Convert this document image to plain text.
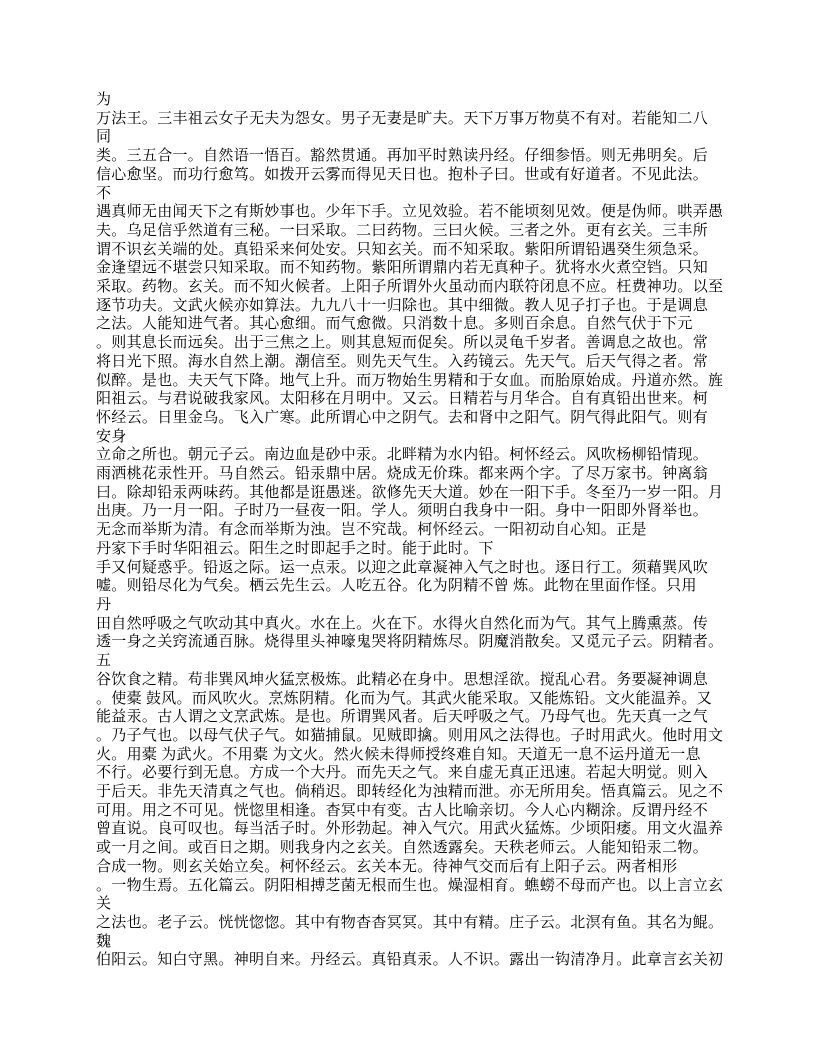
为
万法王。三丰祖云女子无夫为怨女。男子无妻是旷夫。天下万事万物莫不有对。若能知二八
同
类。三五合一。自然语一悟百。豁然贯通。再加平时熟读丹经。仔细参悟。则无弗明矣。后
信心愈坚。而功行愈笃。如拨开云雾而得见天日也。抱朴子曰。世或有好道者。不见此法。
不
遇真师无由闻天下之有斯妙事也。少年下手。立见效验。若不能顷刻见效。便是伪师。哄弄愚
夫。乌足信乎然道有三秘。一曰采取。二曰药物。三曰火候。三者之外。更有玄关。三丰所
谓不识玄关端的处。真铅采来何处安。只知玄关。而不知采取。紫阳所谓铅遇癸生须急采。
金逢望远不堪尝只知采取。而不知药物。紫阳所谓鼎内若无真种子。犹将水火煮空铛。只知
采取。药物。玄关。而不知火候者。上阳子所谓外火虽动而内联符闭息不应。枉费神功。以至
逐节功夫。文武火候亦如算法。九九八十一归除也。其中细微。教人见子打子也。于是调息
之法。人能知进气者。其心愈细。而气愈微。只消数十息。多则百余息。自然气伏于下元
。则其息长而远矣。出于三焦之上。则其息短而促矣。所以灵龟千岁者。善调息之故也。常
将日光下照。海水自然上潮。潮信至。则先天气生。入药镜云。先天气。后天气得之者。常
似醉。是也。夫天气下降。地气上升。而万物始生男精和于女血。而胎原始成。丹道亦然。旌
阳祖云。与君说破我家风。太阳移在月明中。又云。日精若与月华合。自有真铅出世来。柯
怀经云。日里金乌。飞入广寒。此所谓心中之阴气。去和肾中之阳气。阴气得此阳气。则有
安身
立命之所也。朝元子云。南边血是砂中汞。北畔精为水内铅。柯怀经云。风吹杨柳铅情现。
雨洒桃花汞性开。马自然云。铅汞鼎中居。烧成无价珠。都来两个字。了尽万家书。钟离翁
曰。除却铅汞两味药。其他都是诳愚迷。欲修先天大道。妙在一阳下手。冬至乃一岁一阳。月
出庚。乃一月一阳。子时乃一昼夜一阳。学人。须明白我身中一阳。身中一阳即外肾举也。
无念而举斯为清。有念而举斯为浊。岂不究哉。柯怀经云。一阳初动自心知。正是
丹家下手时华阳祖云。阳生之时即起手之时。能于此时。下
手又何疑惑乎。铅返之际。运一点汞。以迎之此章凝神入气之时也。逐日行工。须藉巽风吹
嘘。则铅尽化为气矣。栖云先生云。人吃五谷。化为阴精不曾 炼。此物在里面作怪。只用
丹
田自然呼吸之气吹动其中真火。水在上。火在下。水得火自然化而为气。其气上腾熏蒸。传
透一身之关窍流通百脉。烧得里头神嚎鬼哭将阴精炼尽。阴魔消散矣。又觅元子云。阴精者。
五
谷饮食之精。苟非巽风坤火猛烹极炼。此精必在身中。思想淫欲。搅乱心君。务要凝神调息
。使橐 鼓风。而风吹火。烹炼阴精。化而为气。其武火能采取。又能炼铅。文火能温养。又
能益汞。古人谓之文烹武炼。是也。所谓巽风者。后天呼吸之气。乃母气也。先天真一之气
。乃子气也。以母气伏子气。如猫捕鼠。见贼即擒。则用风之法得也。子时用武火。他时用文
火。用橐 为武火。不用橐 为文火。然火候未得师授终难自知。天道无一息不运丹道无一息
不行。必要行到无息。方成一个大丹。而先天之气。来自虚无真正迅速。若起大明觉。则入
于后天。非先天清真之气也。倘稍迟。即转经化为浊精而泄。亦无所用矣。悟真篇云。见之不
可用。用之不可见。恍惚里相逢。杳冥中有变。古人比喻亲切。今人心内糊涂。反谓丹经不
曾直说。良可叹也。每当活子时。外形勃起。神入气穴。用武火猛炼。少顷阳痿。用文火温养
或一月之间。或百日之期。则我身内之玄关。自然透露矣。天秩老师云。人能知铅汞二物。
合成一物。则玄关始立矣。柯怀经云。玄关本无。待神气交而后有上阳子云。两者相形
。一物生焉。五化篇云。阴阳相搏芝菌无根而生也。燥湿相育。蟭蟧不母而产也。以上言立玄
关
之法也。老子云。恍恍惚惚。其中有物杳杳冥冥。其中有精。庄子云。北溟有鱼。其名为鲲。
魏
伯阳云。知白守黑。神明自来。丹经云。真铅真汞。人不识。露出一钩清净月。此章言玄关初
